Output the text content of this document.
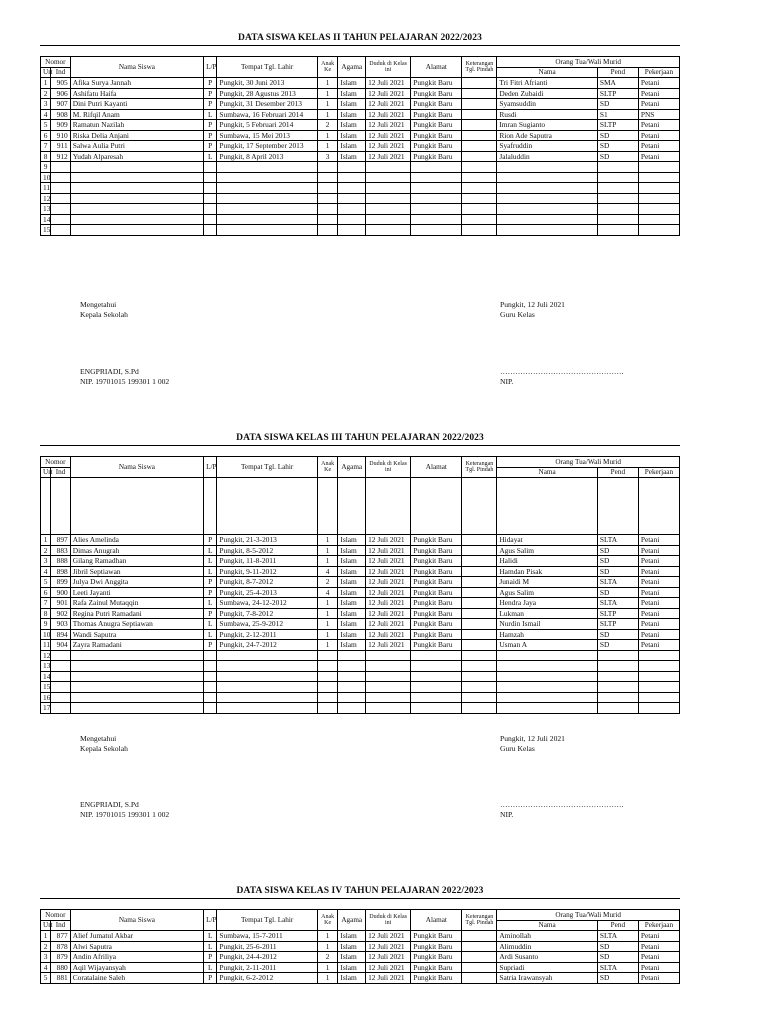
DATA SISWA KELAS II TAHUN PELAJARAN 2022/2023
Nomor		Nama Siswa	L/P	Tempat Tgl. Lahir	Anak Ke	Agama	Duduk di Kelas ini	Alamat	Keterangan Tgl. Pindah	Orang Tua/Wali Murid		
Urt	Ind									Nama	Pend	Pekerjaan
1	905	Afika Surya Jannah	P	Pungkit, 30 Juni 2013	1	Islam	12 Juli 2021	Pungkit Baru		Tri Fitri Afrianti	SMA	Petani
2	906	Ashifatu Haifa	P	Pungkit, 28 Agustus 2013	1	Islam	12 Juli 2021	Pungkit Baru		Deden Zubaidi	SLTP	Petani
3	907	Dini Putri Kayanti	P	Pungkit, 31 Desember 2013	1	Islam	12 Juli 2021	Pungkit Baru		Syamsuddin	SD	Petani
4	908	M. Rifqil Anam	L	Sumbawa, 16 Februari 2014	1	Islam	12 Juli 2021	Pungkit Baru		Rusdi	S1	PNS
5	909	Ramatun Nazilah	P	Pungkit, 5 Februari 2014	2	Islam	12 Juli 2021	Pungkit Baru		Imran Sugianto	SLTP	Petani
6	910	Riska Delia Anjani	P	Sumbawa, 15 Mei 2013	1	Islam	12 Juli 2021	Pungkit Baru		Rion Ade Saputra	SD	Petani
7	911	Salwa Aulia Putri	P	Pungkit, 17 September 2013	1	Islam	12 Juli 2021	Pungkit Baru		Syafruddin	SD	Petani
8	912	Yudah Alparesah	L	Pungkit, 8 April 2013	3	Islam	12 Juli 2021	Pungkit Baru		Jalaluddin	SD	Petani
9												
10												
11												
12												
13												
14												
15												
Mengetahui
Kepala Sekolah
Pungkit, 12 Juli 2021
Guru Kelas
ENGPRIADI, S.Pd
NIP. 19701015 199301 1 002
………………………………………….
NIP.
DATA SISWA KELAS III TAHUN PELAJARAN 2022/2023
Nomor		Nama Siswa	L/P	Tempat Tgl. Lahir	Anak Ke	Agama	Duduk di Kelas ini	Alamat	Keterangan Tgl. Pindah	Orang Tua/Wali Murid		
Urt	Ind									Nama	Pend	Pekerjaan

1	897	Alies Amelinda	P	Pungkit, 21-3-2013	1	Islam	12 Juli 2021	Pungkit Baru		Hidayat	SLTA	Petani
2	883	Dimas Anugrah	L	Pungkit, 8-5-2012	1	Islam	12 Juli 2021	Pungkit Baru		Agus Salim	SD	Petani
3	888	Gilang Ramadhan	L	Pungkit, 11-8-2011	1	Islam	12 Juli 2021	Pungkit Baru		Halidi	SD	Petani
4	898	Jibril Septiawan	L	Pungkit, 9-11-2012	4	Islam	12 Juli 2021	Pungkit Baru		Hamdan Pisak	SD	Petani
5	899	Julya Dwi Anggita	P	Pungkit, 8-7-2012	2	Islam	12 Juli 2021	Pungkit Baru		Junaidi M	SLTA	Petani
6	900	Leeti Jayanti	P	Pungkit, 25-4-2013	4	Islam	12 Juli 2021	Pungkit Baru		Agus Salim	SD	Petani
7	901	Rafa Zainul Mutaqqin	L	Sumbawa, 24-12-2012	1	Islam	12 Juli 2021	Pungkit Baru		Hendra Jaya	SLTA	Petani
8	902	Regina Putri Ramadani	P	Pungkit, 7-8-2012	1	Islam	12 Juli 2021	Pungkit Baru		Lukman	SLTP	Petani
9	903	Thomas Anugra Septiawan	L	Sumbawa, 25-9-2012	1	Islam	12 Juli 2021	Pungkit Baru		Nurdin Ismail	SLTP	Petani
10	894	Wandi Saputra	L	Pungkit, 2-12-2011	1	Islam	12 Juli 2021	Pungkit Baru		Hamzah	SD	Petani
11	904	Zayra Ramadani	P	Pungkit, 24-7-2012	1	Islam	12 Juli 2021	Pungkit Baru		Usman A	SD	Petani
12												
13												
14												
15												
16												
17												
Mengetahui
Kepala Sekolah
Pungkit, 12 Juli 2021
Guru Kelas
ENGPRIADI, S.Pd
NIP. 19701015 199301 1 002
………………………………………….
NIP.
DATA SISWA KELAS IV TAHUN PELAJARAN 2022/2023
Nomor		Nama Siswa	L/P	Tempat Tgl. Lahir	Anak Ke	Agama	Duduk di Kelas ini	Alamat	Keterangan Tgl. Pindah	Orang Tua/Wali Murid		
Urt	Ind									Nama	Pend	Pekerjaan
1	877	Alief Jumatul Akbar	L	Sumbawa, 15-7-2011	1	Islam	12 Juli 2021	Pungkit Baru		Aminollah	SLTA	Petani
2	878	Alwi Saputra	L	Pungkit, 25-6-2011	1	Islam	12 Juli 2021	Pungkit Baru		Alimuddin	SD	Petani
3	879	Andin Afriliya	P	Pungkit, 24-4-2012	2	Islam	12 Juli 2021	Pungkit Baru		Ardi Susanto	SD	Petani
4	880	Aqil Wijayansyah	L	Pungkit, 2-11-2011	1	Islam	12 Juli 2021	Pungkit Baru		Supriadi	SLTA	Petani
5	881	Coratalaine Saleh	P	Pungkit, 6-2-2012	1	Islam	12 Juli 2021	Pungkit Baru		Satria Irawansyah	SD	Petani
